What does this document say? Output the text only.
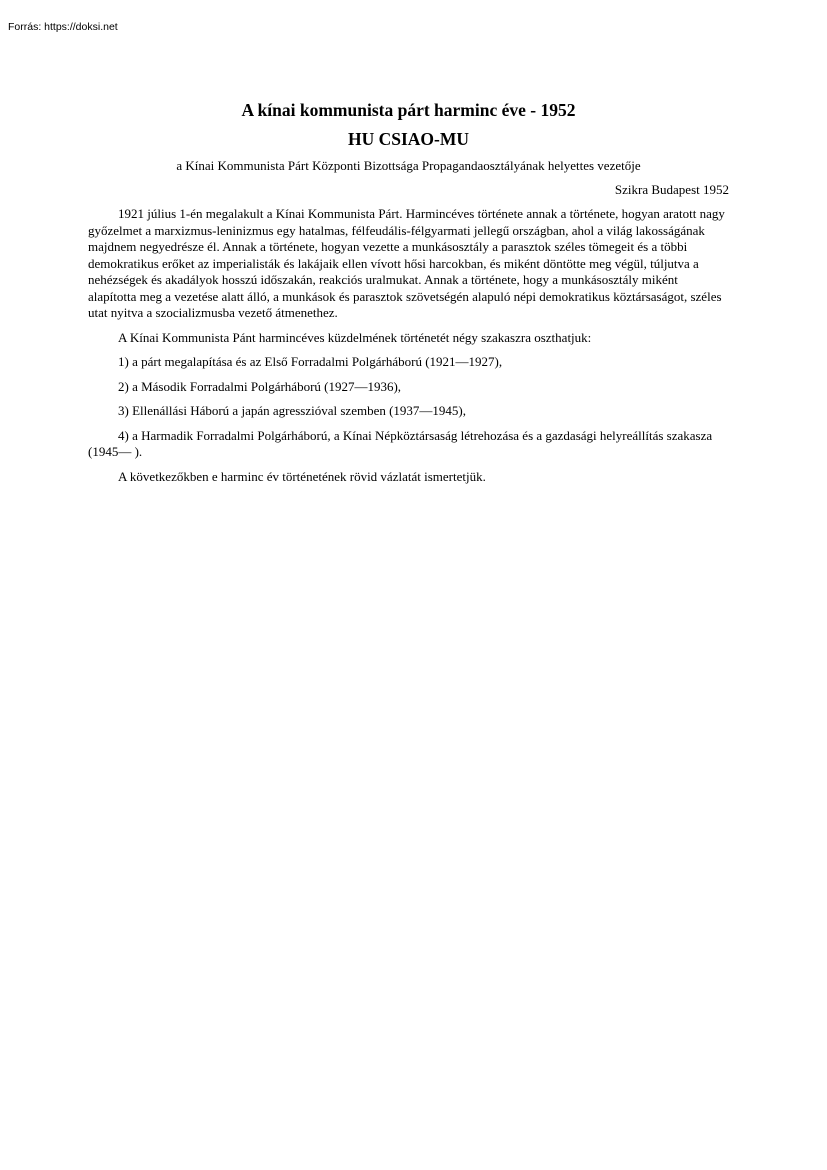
Forrás: https://doksi.net
A kínai kommunista párt harminc éve - 1952
HU CSIAO-MU
a Kínai Kommunista Párt Központi Bizottsága Propagandaosztályának helyettes vezetője
Szikra Budapest 1952

1921 július 1-én megalakult a Kínai Kommunista Párt. Harmincéves története annak a története, hogyan aratott nagy győzelmet a marxizmus-leninizmus egy hatalmas, félfeudális-félgyarmati jellegű országban, ahol a világ lakosságának majdnem negyedrésze él. Annak a története, hogyan vezette a munkásosztály a parasztok széles tömegeit és a többi demokratikus erőket az imperialisták és lakájaik ellen vívott hősi harcokban, és miként döntötte meg végül, túljutva a nehézségek és akadályok hosszú időszakán, reakciós uralmukat. Annak a története, hogy a munkásosztály miként alapította meg a vezetése alatt álló, a munkások és parasztok szövetségén alapuló népi demokratikus köztársaságot, széles utat nyitva a szocializmusba vezető átmenethez.

A Kínai Kommunista Pánt harmincéves küzdelmének történetét négy szakaszra oszthatjuk:

1) a párt megalapítása és az Első Forradalmi Polgárháború (1921—1927),

2) a Második Forradalmi Polgárháború (1927—1936),

3) Ellenállási Háború a japán agresszióval szemben (1937—1945),

4) a Harmadik Forradalmi Polgárháború, a Kínai Népköztársaság létrehozása és a gazdasági helyreállítás szakasza (1945— ).

A következőkben e harminc év történetének rövid vázlatát ismertetjük.
